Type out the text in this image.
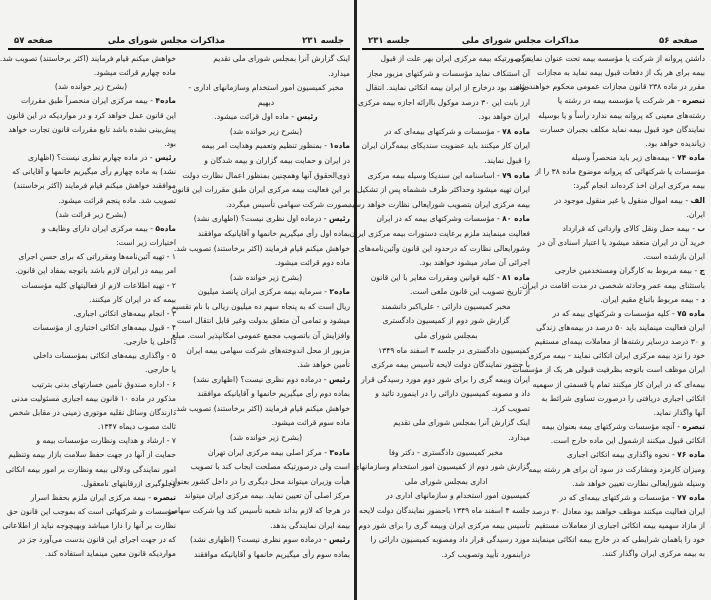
جلسه ۲۳۱
مذاکرات مجلس شورای ملی
صفحه ۵۷	جلسه ۲۳۱	مذاکرات مجلس شورای ملی	صفحه ۵۶
خواهش میکنم قیام فرمایند (اکثر برخاستند) تصویب شد.
ماده چهارم قرائت میشود.
(بشرح زیر خوانده شد)
ماده۴ - بیمه مرکزی ایران منحصراً طبق مقررات
این قانون عمل خواهد کرد و در مواردیکه در این قانون
پیش‌بینی نشده باشد تابع مقررات قانون تجارت خواهد
بود.
رئیس - در ماده چهارم نظری نیست؟ (اظهاری
نشد) به ماده چهارم رأی میگیریم خانمها و آقایانی که
موافقند خواهش میکنم قیام فرمایند (اکثر برخاستند)
تصویب شد. ماده پنجم قرائت میشود.
(بشرح زیر قرائت شد)
ماده۵ - بیمه مرکزی ایران دارای وظایف و
اختیارات زیر است:
۱ - تهیه آئین‌نامه‌ها ومقرراتی که برای حسن اجرای
امر بیمه در ایران لازم باشد باتوجه بمفاد این قانون.
۲ - تهیه اطلاعات لازم از فعالیتهای کلیه مؤسسات
بیمه که در ایران کار میکنند.
۳ - انجام بیمه‌های اتکائی اجباری.
۴ - قبول بیمه‌های اتکائی اختیاری از مؤسسات
داخلی یا خارجی.
۵ - واگذاری بیمه‌های اتکائی بمؤسسات داخلی
یا خارجی.
۶ - اداره صندوق تأمین خسارتهای بدنی بترتیب
مذکور در ماده ۱۰ قانون بیمه اجباری مسئولیت مدنی
دارندگان وسائل نقلیه موتوری زمینی در مقابل شخص
ثالث مصوب دیماه ۱۳۴۷.
۷ - ارشاد و هدایت ونظارت مؤسسات بیمه و
حمایت از آنها در جهت حفظ سلامت بازار بیمه وتنظیم
امور نمایندگی ودلالی بیمه ونظارت بر امور بیمه اتکائی
وجلوگیری ازرقابتهای نامعقول.
تبصره - بیمه مرکزی ایران ملزم بحفظ اسرار
مؤسسات و شرکتهائی است که بموجب این قانون حق
نظارت بر آنها را دارا میباشد وبهیچوجه نباید از اطلاعاتی
که در جهت اجرای این قانون بدست می‌آورد جز در
مواردیکه قانون معین مینماید استفاده کند.
اینک گزارش آنرا بمجلس شورای ملی تقدیم
میدارد.
مخبر کمیسیون امور استخدام وسازمانهای اداری -
دبهیم
رئیس - ماده اول قرائت میشود.
(بشرح زیر خوانده شد)
ماده۱ - بمنظور تنظیم وتعمیم وهدایت امر بیمه
در ایران و حمایت بیمه گزاران و بیمه شدگان و
ذوی‌الحقوق آنها وهمچنین بمنظور اعمال نظارت دولت
بر این فعالیت بیمه مرکزی ایران طبق مقررات این قانون
بصورت شرکت سهامی تأسیس میگردد.
رئیس - درماده اول نظری نیست؟ (اظهاری نشد)
بماده اول رأی میگیریم خانمها و آقایانیکه موافقند
خواهش میکنم قیام فرمایند (اکثر برخاستند) تصویب شد.
ماده دوم قرائت میشود.
(بشرح زیر خوانده شد)
ماده۲ - سرمایه بیمه مرکزی ایران پانصد میلیون
ریال است که به پنجاه سهم ده میلیون ریالی با نام تقسیم
میشود و تمامی آن متعلق بدولت وغیر قابل انتقال است
وافزایش آن باتصویب مجمع عمومی امکانپذیر است. مبلغ
مزبور از محل اندوخته‌های شرکت سهامی بیمه ایران
تأمین خواهد شد.
رئیس - درماده دوم نظری نیست؟ (اظهاری نشد)
بماده دوم رأی میگیریم خانمها و آقایانیکه موافقند
خواهش میکنم قیام فرمایند (اکثر برخاستند) تصویب شد.
ماده سوم قرائت میشود.
(بشرح زیر خوانده شد)
ماده۳ - مرکز اصلی بیمه مرکزی ایران تهران
است ولی درصورتیکه مصلحت ایجاب کند با تصویب
هیأت وزیران میتواند محل دیگری را در داخل کشور بعنوان
مرکز اصلی آن تعیین نماید. بیمه مرکزی ایران میتواند
در هرجا که لازم بداند شعبه تأسیس کند ویا شرکت سهامی
بیمه ایران نمایندگی بدهد.
رئیس - درماده سوم نظری نیست؟ (اظهاری نشد)
بماده سوم رأی میگیریم خانمها و آقایانیکه موافقند
در صورتیکه بیمه مرکزی ایران بهر علت از قبول
آن استنکاف نماید مؤسسات و شرکتهای مزبور مجاز
خواهند بود درخارج از ایران بیمه اتکائی نمایند. انتقال
ارز بابت این ۳۰ درصد موکول باارائه اجازه بیمه مرکزی
ایران خواهد بود.
ماده ۷۸ - مؤسسات و شرکتهای بیمه‌ای که در
ایران کار میکنند باید عضویت سندیکای بیمه‌گران ایران
را قبول نمایند.
ماده ۷۹ - اساسنامه این سندیکا وسیله بیمه مرکزی
ایران تهیه میشود وحداکثر ظرف ششماه پس از تشکیل
بیمه مرکزی ایران بتصویب شورایعالی نظارت خواهد رسید.
ماده ۸۰ - مؤسسات وشرکتهای بیمه که در ایران
فعالیت مینمایند ملزم برعایت دستورات بیمه مرکزی ایران
وشورایعالی نظارت که درحدود این قانون وآئین‌نامه‌های
اجرائی آن صادر میشود خواهند بود.
ماده ۸۱ - کلیه قوانین ومقررات مغایر با این قانون
از تاریخ تصویب این قانون ملغی است.
مخبر کمیسیون دارائی - علی‌اکبر دانشمند
گزارش شور دوم از کمیسیون دادگستری
بمجلس شورای ملی
کمیسیون دادگستری در جلسه ۳ اسفند ماه ۱۳۴۹
با حضور نمایندگان دولت لایحه تأسیس بیمه مرکزی
ایران وبیمه گری را برای شور دوم مورد رسیدگی قرار
داد و مصوبه کمیسیون دارائی را در اینمورد تائید و
تصویب کرد.
اینک گزارش آنرا بمجلس شورای ملی تقدیم
میدارد.
مخبر کمیسیون دادگستری - دکتر وفا
گزارش شور دوم از کمیسیون امور استخدام وسازمانهای
اداری بمجلس شورای ملی
کمیسیون امور استخدام و سازمانهای اداری در
جلسه ۴ اسفند ماه ۱۳۴۹ باحضور نمایندگان دولت لایحه
تأسیس بیمه مرکزی ایران وبیمه گری را برای شور دوم
مورد رسیدگی قرار داد ومصوبه کمیسیون دارائی را
درابنمورد تأیید وتصویب کرد.
داشتن پروانه از شرکت یا مؤسسه بیمه تحت عنوان نمایندگی
بیمه برای هر یک از دفعات قبول بیمه نماید به مجازات
مقرر در ماده ۲۳۸ قانون مجازات عمومی محکوم خواهند شد.
تبصره - هر شرکت یا مؤسسه بیمه در رشته یا
رشته‌های معینی که پروانه بیمه ندارد رأساً و یا بوسیله
نمایندگان خود قبول بیمه نماید مکلف بجبران خسارت
زیاندیده خواهد بود.
ماده ۷۴ - بیمه‌های زیر باید منحصراً وسیله
مؤسسات یا شرکتهائی که پروانه موضوع ماده ۳۸ را از
بیمه مرکزی ایران اخذ کرده‌اند انجام گیرد:
الف - بیمه اموال منقول یا غیر منقول موجود در
ایران.
ب - بیمه حمل ونقل کالای وارداتی که قرارداد
خرید آن در ایران منعقد میشود یا اعتبار اسنادی آن در
ایران بازشده است.
ج - بیمه مربوط به کارگران ومستخدمین خارجی
باستثنای بیمه عمر وحادثه شخصی در مدت اقامت در ایران.
د - بیمه مربوط باتباع مقیم ایران.
ماده ۷۵ - کلیه مؤسسات و شرکتهای بیمه که در
ایران فعالیت مینمایند باید ۵۰ درصد در بیمه‌های زندگی
و ۳۰ درصد درسایر رشته‌ها از معاملات بیمه‌ای مستقیم
خود را نزد بیمه مرکزی ایران اتکائی نمایند - بیمه مرکزی
ایران موظف است باتوجه بظرفیت قبولی هر یک از مؤسسات
بیمه‌ای که در ایران کار میکنند تمام یا قسمتی از سهمیه
اتکائی اجباری دریافتی را درصورت تساوی شرائط به
آنها واگذار نماید.
تبصره - آنچه مؤسسات وشرکتهای بیمه بعنوان بیمه
اتکائی قبول میکنند ازشمول این ماده خارج است.
ماده ۷۶ - نحوه واگذاری بیمه اتکائی اجباری
ومیزان کارمزد ومشارکت در سود آن برای هر رشته بیمه
وسیله شورایعالی نظارت تعیین خواهد شد.
ماده ۷۷ - مؤسسات و شرکتهای بیمه‌ای که در
ایران فعالیت میکنند موظف خواهند بود معادل ۳۰ درصد
از مازاد سهمیه بیمه اتکائی اجباری از معاملات مستقیم
خود را باهمان شرایطی که در خارج بیمه اتکائی مینمایند
به بیمه مرکزی ایران واگذار کنند.
